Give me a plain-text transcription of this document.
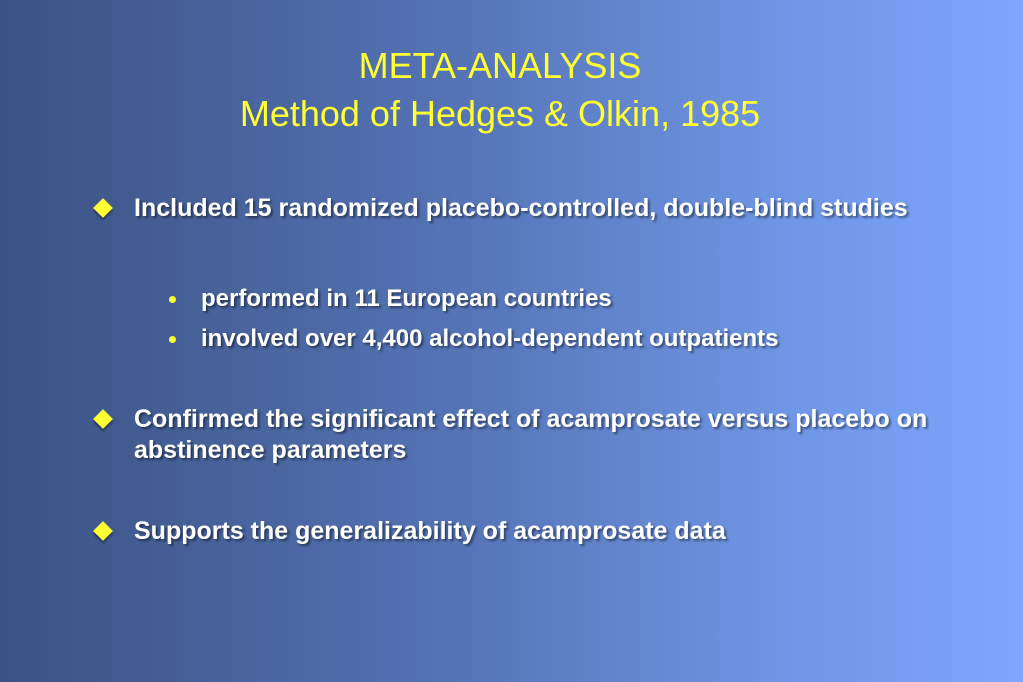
META-ANALYSIS
Method of Hedges & Olkin, 1985
Included 15 randomized placebo-controlled, double-blind studies
performed in 11 European countries
involved over 4,400 alcohol-dependent outpatients
Confirmed the significant effect of acamprosate versus placebo on abstinence parameters
Supports the generalizability of acamprosate data
